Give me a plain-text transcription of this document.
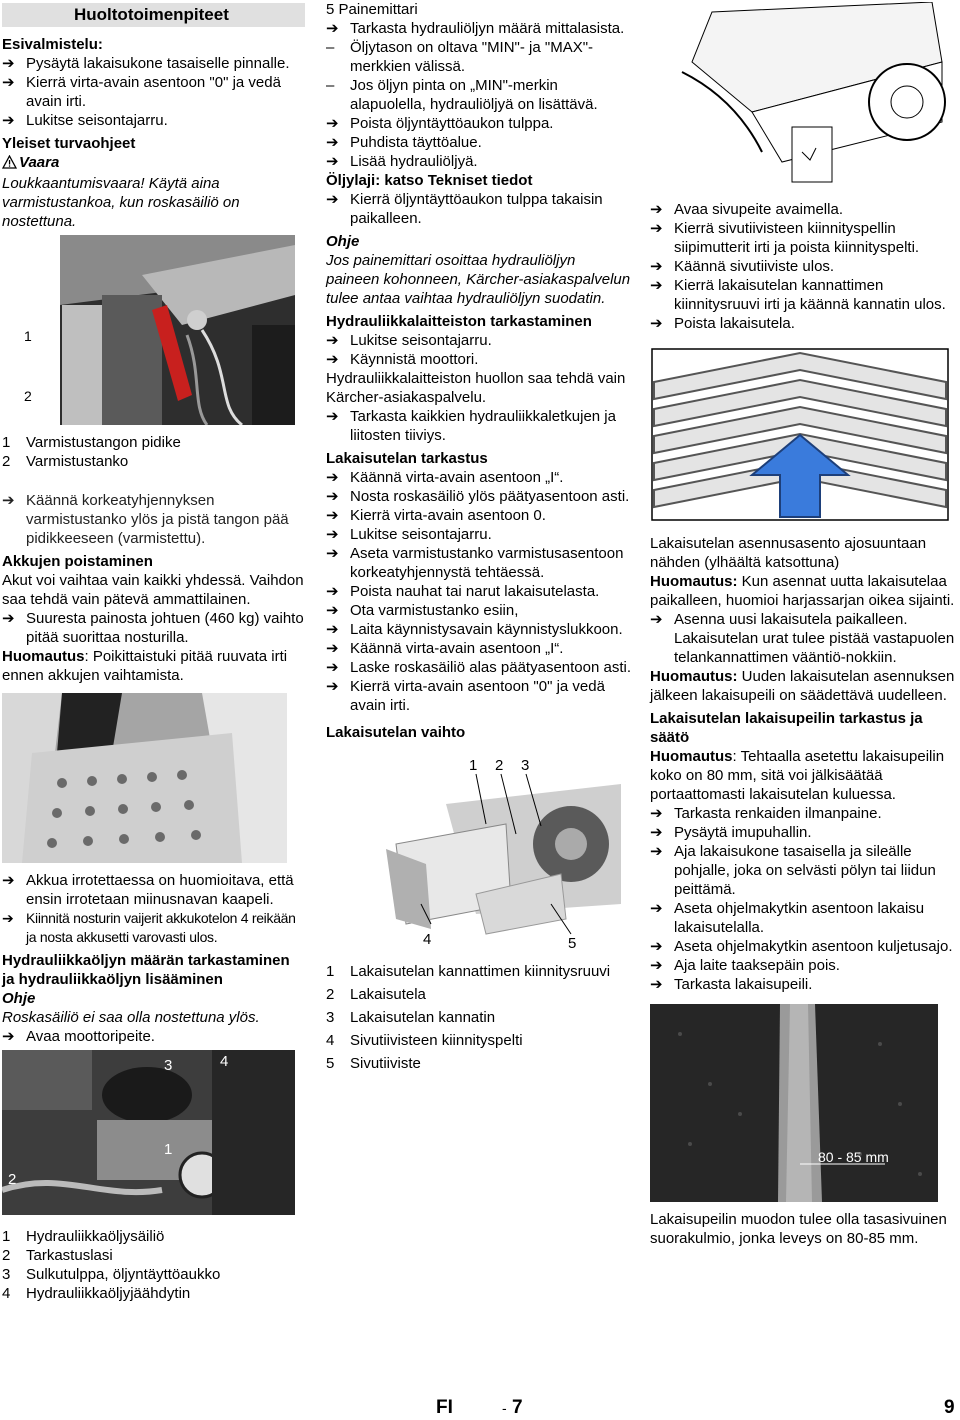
Huoltotoimenpiteet

Esivalmistelu:

➔ Pysäytä lakaisukone tasaiselle pinnalle.

➔ Kierrä virta-avain asentoon "0" ja vedä avain irti.

➔ Lukitse seisontajarru.

Yleiset turvaohjeet

Vaara

Loukkaantumisvaara! Käytä aina varmistustankoa, kun roskasäiliö on nostettuna.

1
2

1 Varmistustangon pidike

2 Varmistustanko

➔ Käännä korkeatyhjennyksen varmistustanko ylös ja pistä tangon pää pidikkeeseen (varmistettu).

Akkujen poistaminen

Akut voi vaihtaa vain kaikki yhdessä. Vaihdon saa tehdä vain pätevä ammattilainen.

➔ Suuresta painosta johtuen (460 kg) vaihto pitää suorittaa nosturilla.

Huomautus: Poikittaistuki pitää ruuvata irti ennen akkujen vaihtamista.

➔ Akkua irrotettaessa on huomioitava, että ensin irrotetaan miinusnavan kaapeli.

➔ Kiinnitä nosturin vaijerit akkukotelon 4 reikään ja nosta akkusetti varovasti ulos.

Hydrauliikkaöljyn määrän tarkastaminen ja hydrauliikkaöljyn lisääminen

Ohje

Roskasäiliö ei saa olla nostettuna ylös.

➔ Avaa moottoripeite.

3	4
1
2

1 Hydrauliikkaöljysäiliö

2 Tarkastuslasi

3 Sulkutulppa, öljyntäyttöaukko

4 Hydrauliikkaöljyjäähdytin

5 Painemittari

➔ Tarkasta hydrauliöljyn määrä mittalasista.

– Öljytason on oltava "MIN"- ja "MAX"-merkkien välissä.

– Jos öljyn pinta on „MIN"-merkin alapuolella, hydrauliöljyä on lisättävä.

➔ Poista öljyntäyttöaukon tulppa.

➔ Puhdista täyttöalue.

➔ Lisää hydrauliöljyä.

Öljylaji: katso Tekniset tiedot

➔ Kierrä öljyntäyttöaukon tulppa takaisin paikalleen.

Ohje

Jos painemittari osoittaa hydrauliöljyn paineen kohonneen, Kärcher-asiakaspalvelun tulee antaa vaihtaa hydrauliöljyn suodatin.

Hydrauliikkalaitteiston tarkastaminen

➔ Lukitse seisontajarru.

➔ Käynnistä moottori.

Hydrauliikkalaitteiston huollon saa tehdä vain Kärcher-asiakaspalvelu.

➔ Tarkasta kaikkien hydrauliikkaletkujen ja liitosten tiiviys.

Lakaisutelan tarkastus

➔ Käännä virta-avain asentoon „I“.

➔ Nosta roskasäiliö ylös päätyasentoon asti.

➔ Kierrä virta-avain asentoon 0.

➔ Lukitse seisontajarru.

➔ Aseta varmistustanko varmistusasentoon korkeatyhjennystä tehtäessä.

➔ Poista nauhat tai narut lakaisutelasta.

➔ Ota varmistustanko esiin,

➔ Laita käynnistysavain käynnistyslukkoon.

➔ Käännä virta-avain asentoon „I“.

➔ Laske roskasäiliö alas päätyasentoon asti.

➔ Kierrä virta-avain asentoon "0" ja vedä avain irti.

Lakaisutelan vaihto

1 2 3
4	5

1 Lakaisutelan kannattimen kiinnitysruuvi

2 Lakaisutela

3 Lakaisutelan kannatin

4 Sivutiivisteen kiinnityspelti

5 Sivutiiviste

➔ Avaa sivupeite avaimella.

➔ Kierrä sivutiivisteen kiinnityspellin siipimutterit irti ja poista kiinnityspelti.

➔ Käännä sivutiiviste ulos.

➔ Kierrä lakaisutelan kannattimen kiinnitysruuvi irti ja käännä kannatin ulos.

➔ Poista lakaisutela.

Lakaisutelan asennusasento ajosuuntaan nähden (ylhäältä katsottuna)

Huomautus: Kun asennat uutta lakaisutelaa paikalleen, huomioi harjassarjan oikea sijainti.

➔ Asenna uusi lakaisutela paikalleen. Lakaisutelan urat tulee pistää vastapuolen telankannattimen vääntiö-nokkiin.

Huomautus: Uuden lakaisutelan asennuksen jälkeen lakaisupeili on säädettävä uudelleen.

Lakaisutelan lakaisupeilin tarkastus ja säätö

Huomautus: Tehtaalla asetettu lakaisupeilin koko on 80 mm, sitä voi jälkisäätää portaattomasti lakaisutelan kuluessa.

➔ Tarkasta renkaiden ilmanpaine.

➔ Pysäytä imupuhallin.

➔ Aja lakaisukone tasaisella ja sileälle pohjalle, joka on selvästi pölyn tai liidun peittämä.

➔ Aseta ohjelmakytkin asentoon lakaisu lakaisutelalla.

➔ Aseta ohjelmakytkin asentoon kuljetusajo.

➔ Aja laite taaksepäin pois.

➔ Tarkasta lakaisupeili.

80 - 85 mm

Lakaisupeilin muodon tulee olla tasasivuinen suorakulmio, jonka leveys on 80-85 mm.

FI	- 7	9
